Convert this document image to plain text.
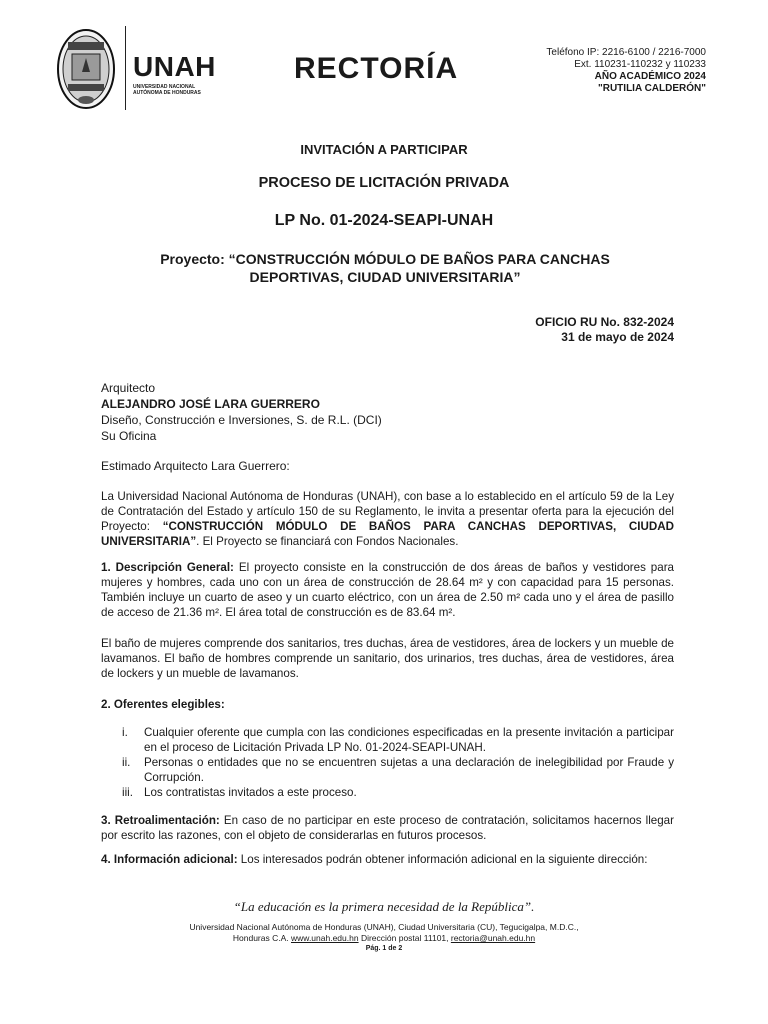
UNAH
UNIVERSIDAD NACIONAL
AUTÓNOMA DE HONDURAS
RECTORÍA	Teléfono IP: 2216-6100 / 2216-7000
Ext. 110231-110232 y 110233
AÑO ACADÉMICO 2024
"RUTILIA CALDERÓN"
INVITACIÓN A PARTICIPAR
PROCESO DE LICITACIÓN PRIVADA
LP No. 01-2024-SEAPI-UNAH
Proyecto: “CONSTRUCCIÓN MÓDULO DE BAÑOS PARA CANCHAS
DEPORTIVAS, CIUDAD UNIVERSITARIA”
OFICIO RU No. 832-2024
31 de mayo de 2024
Arquitecto
ALEJANDRO JOSÉ LARA GUERRERO
Diseño, Construcción e Inversiones, S. de R.L. (DCI)
Su Oficina
Estimado Arquitecto Lara Guerrero:
La Universidad Nacional Autónoma de Honduras (UNAH), con base a lo establecido en el artículo 59 de la Ley de Contratación del Estado y artículo 150 de su Reglamento, le invita a presentar oferta para la ejecución del Proyecto: “CONSTRUCCIÓN MÓDULO DE BAÑOS PARA CANCHAS DEPORTIVAS, CIUDAD UNIVERSITARIA”. El Proyecto se financiará con Fondos Nacionales.
1. Descripción General: El proyecto consiste en la construcción de dos áreas de baños y vestidores para mujeres y hombres, cada uno con un área de construcción de 28.64 m² y con capacidad para 15 personas. También incluye un cuarto de aseo y un cuarto eléctrico, con un área de 2.50 m² cada uno y el área de pasillo de acceso de 21.36 m². El área total de construcción es de 83.64 m².
El baño de mujeres comprende dos sanitarios, tres duchas, área de vestidores, área de lockers y un mueble de lavamanos. El baño de hombres comprende un sanitario, dos urinarios, tres duchas, área de vestidores, área de lockers y un mueble de lavamanos.
2. Oferentes elegibles:
i.	Cualquier oferente que cumpla con las condiciones especificadas en la presente invitación a participar en el proceso de Licitación Privada LP No. 01-2024-SEAPI-UNAH.
ii.	Personas o entidades que no se encuentren sujetas a una declaración de inelegibilidad por Fraude y Corrupción.
iii. Los contratistas invitados a este proceso.
3. Retroalimentación: En caso de no participar en este proceso de contratación, solicitamos hacernos llegar por escrito las razones, con el objeto de considerarlas en futuros procesos.
4. Información adicional: Los interesados podrán obtener información adicional en la siguiente dirección:
“La educación es la primera necesidad de la República”.
Universidad Nacional Autónoma de Honduras (UNAH), Ciudad Universitaria (CU), Tegucigalpa, M.D.C.,
Honduras C.A. www.unah.edu.hn Dirección postal 11101, rectoria@unah.edu.hn
Pág. 1 de 2
